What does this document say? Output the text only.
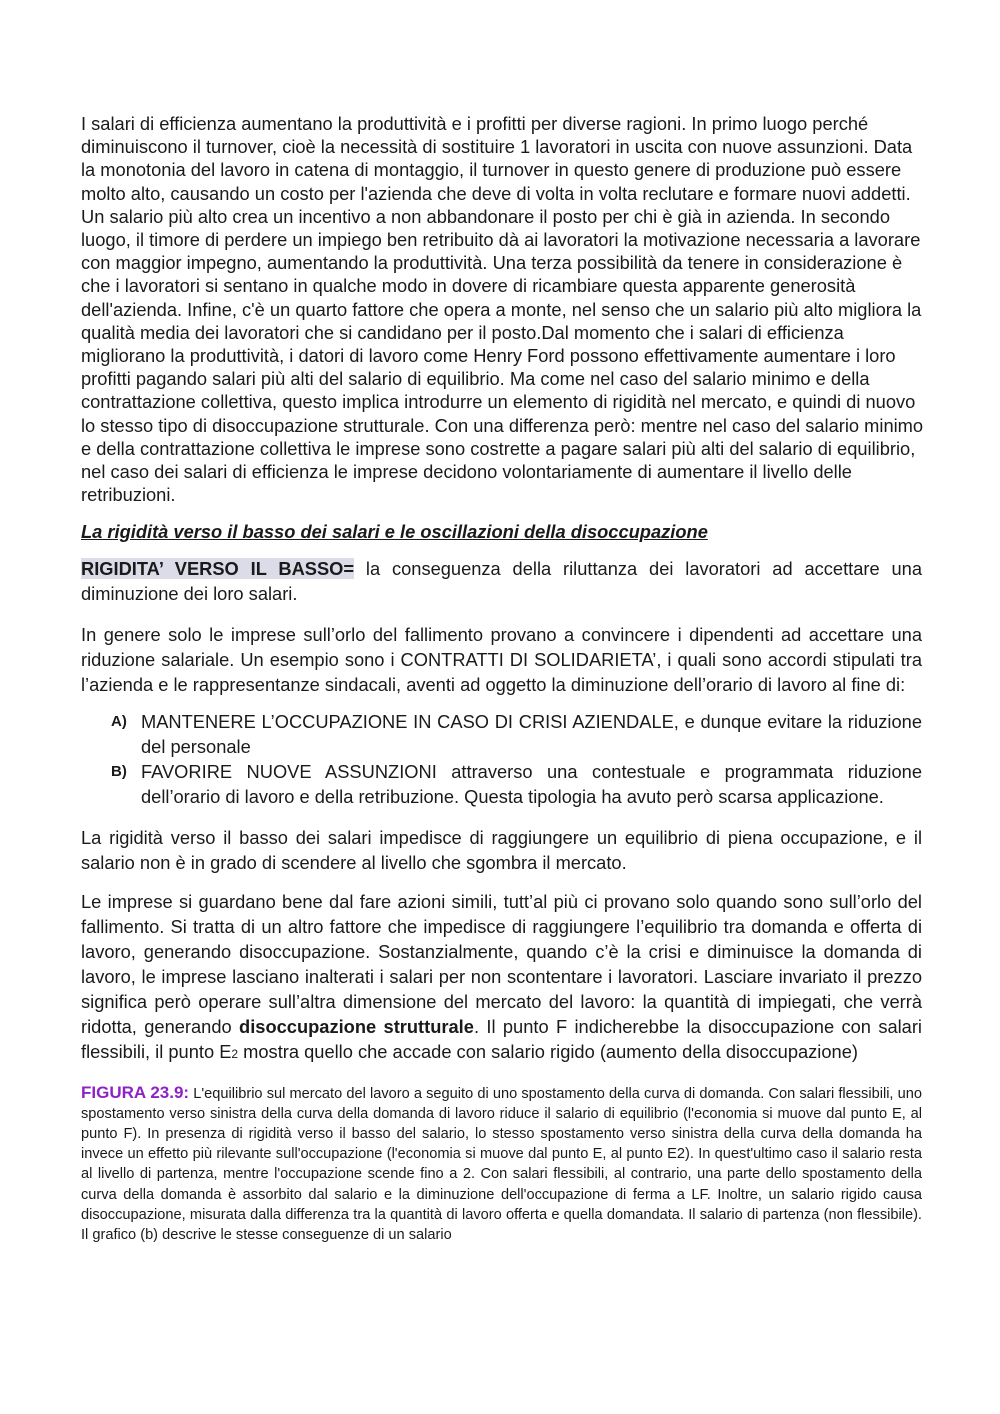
I salari di efficienza aumentano la produttività e i profitti per diverse ragioni. In primo luogo perché diminuiscono il turnover, cioè la necessità di sostituire 1 lavoratori in uscita con nuove assunzioni. Data la monotonia del lavoro in catena di montaggio, il turnover in questo genere di produzione può essere molto alto, causando un costo per l'azienda che deve di volta in volta reclutare e formare nuovi addetti. Un salario più alto crea un incentivo a non abbandonare il posto per chi è già in azienda. In secondo luogo, il timore di perdere un impiego ben retribuito dà ai lavoratori la motivazione necessaria a lavorare con maggior impegno, aumentando la produttività. Una terza possibilità da tenere in considerazione è che i lavoratori si sentano in qualche modo in dovere di ricambiare questa apparente generosità dell'azienda. Infine, c'è un quarto fattore che opera a monte, nel senso che un salario più alto migliora la qualità media dei lavoratori che si candidano per il posto.Dal momento che i salari di efficienza migliorano la produttività, i datori di lavoro come Henry Ford possono effettivamente aumentare i loro profitti pagando salari più alti del salario di equilibrio. Ma come nel caso del salario minimo e della contrattazione collettiva, questo implica introdurre un elemento di rigidità nel mercato, e quindi di nuovo lo stesso tipo di disoccupazione strutturale. Con una differenza però: mentre nel caso del salario minimo e della contrattazione collettiva le imprese sono costrette a pagare salari più alti del salario di equilibrio, nel caso dei salari di efficienza le imprese decidono volontariamente di aumentare il livello delle retribuzioni.

La rigidità verso il basso dei salari e le oscillazioni della disoccupazione

RIGIDITA’ VERSO IL BASSO= la conseguenza della riluttanza dei lavoratori ad accettare una diminuzione dei loro salari.

In genere solo le imprese sull’orlo del fallimento provano a convincere i dipendenti ad accettare una riduzione salariale. Un esempio sono i CONTRATTI DI SOLIDARIETA’, i quali sono accordi stipulati tra l’azienda e le rappresentanze sindacali, aventi ad oggetto la diminuzione dell’orario di lavoro al fine di:

A) MANTENERE L’OCCUPAZIONE IN CASO DI CRISI AZIENDALE, e dunque evitare la riduzione del personale
B) FAVORIRE NUOVE ASSUNZIONI attraverso una contestuale e programmata riduzione dell’orario di lavoro e della retribuzione. Questa tipologia ha avuto però scarsa applicazione.

La rigidità verso il basso dei salari impedisce di raggiungere un equilibrio di piena occupazione, e il salario non è in grado di scendere al livello che sgombra il mercato.

Le imprese si guardano bene dal fare azioni simili, tutt’al più ci provano solo quando sono sull’orlo del fallimento. Si tratta di un altro fattore che impedisce di raggiungere l’equilibrio tra domanda e offerta di lavoro, generando disoccupazione. Sostanzialmente, quando c’è la crisi e diminuisce la domanda di lavoro, le imprese lasciano inalterati i salari per non scontentare i lavoratori. Lasciare invariato il prezzo significa però operare sull’altra dimensione del mercato del lavoro: la quantità di impiegati, che verrà ridotta, generando disoccupazione strutturale. Il punto F indicherebbe la disoccupazione con salari flessibili, il punto E2 mostra quello che accade con salario rigido (aumento della disoccupazione)

FIGURA 23.9: L'equilibrio sul mercato del lavoro a seguito di uno spostamento della curva di domanda. Con salari flessibili, uno spostamento verso sinistra della curva della domanda di lavoro riduce il salario di equilibrio (l'economia si muove dal punto E, al punto F). In presenza di rigidità verso il basso del salario, lo stesso spostamento verso sinistra della curva della domanda ha invece un effetto più rilevante sull'occupazione (l'economia si muove dal punto E, al punto E2). In quest'ultimo caso il salario resta al livello di partenza, mentre l'occupazione scende fino a 2. Con salari flessibili, al contrario, una parte dello spostamento della curva della domanda è assorbito dal salario e la diminuzione dell'occupazione di ferma a LF. Inoltre, un salario rigido causa disoccupazione, misurata dalla differenza tra la quantità di lavoro offerta e quella domandata. Il salario di partenza (non flessibile). Il grafico (b) descrive le stesse conseguenze di un salario
